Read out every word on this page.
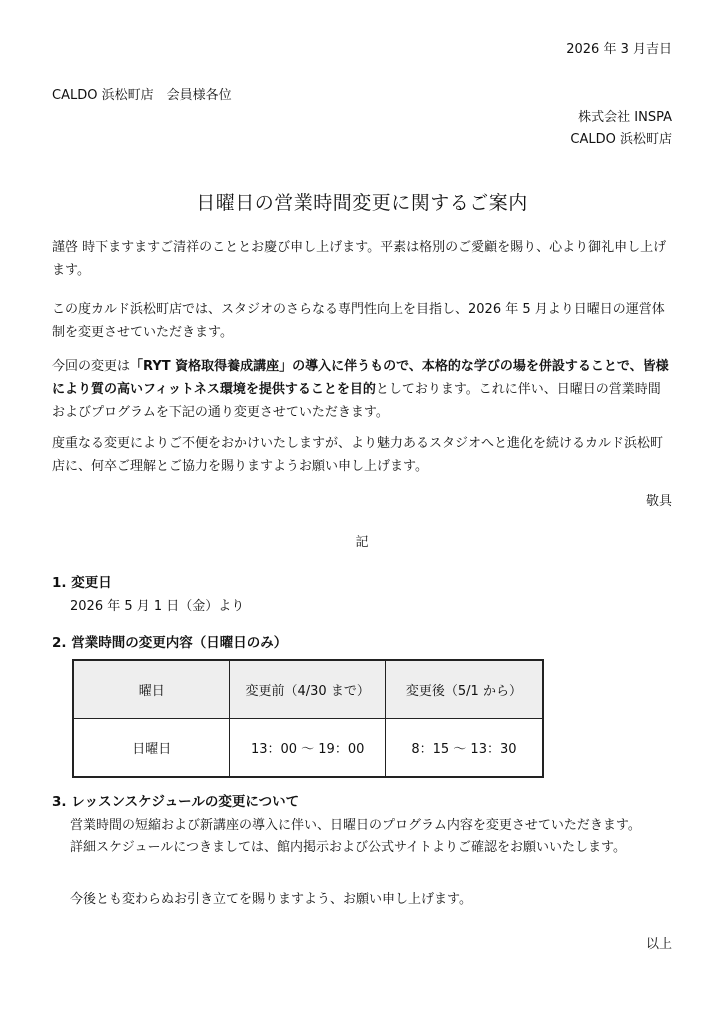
2026 年 3 月吉日
CALDO 浜松町店　会員様各位
株式会社 INSPA
CALDO 浜松町店
日曜日の営業時間変更に関するご案内
謹啓 時下ますますご清祥のこととお慶び申し上げます。平素は格別のご愛顧を賜り、心より御礼申し上げます。
この度カルド浜松町店では、スタジオのさらなる専門性向上を目指し、2026 年 5 月より日曜日の運営体制を変更させていただきます。
今回の変更は「RYT 資格取得養成講座」の導入に伴うもので、本格的な学びの場を併設することで、皆様により質の高いフィットネス環境を提供することを目的としております。これに伴い、日曜日の営業時間およびプログラムを下記の通り変更させていただきます。
度重なる変更によりご不便をおかけいたしますが、より魅力あるスタジオへと進化を続けるカルド浜松町店に、何卒ご理解とご協力を賜りますようお願い申し上げます。
敬具
記
1. 変更日
2026 年 5 月 1 日（金）より
2. 営業時間の変更内容（日曜日のみ）
曜日	変更前（4/30 まで）	変更後（5/1 から）
日曜日	13：00 ～ 19：00	8：15 ～ 13：30
3. レッスンスケジュールの変更について
営業時間の短縮および新講座の導入に伴い、日曜日のプログラム内容を変更させていただきます。
詳細スケジュールにつきましては、館内掲示および公式サイトよりご確認をお願いいたします。
今後とも変わらぬお引き立てを賜りますよう、お願い申し上げます。
以上
